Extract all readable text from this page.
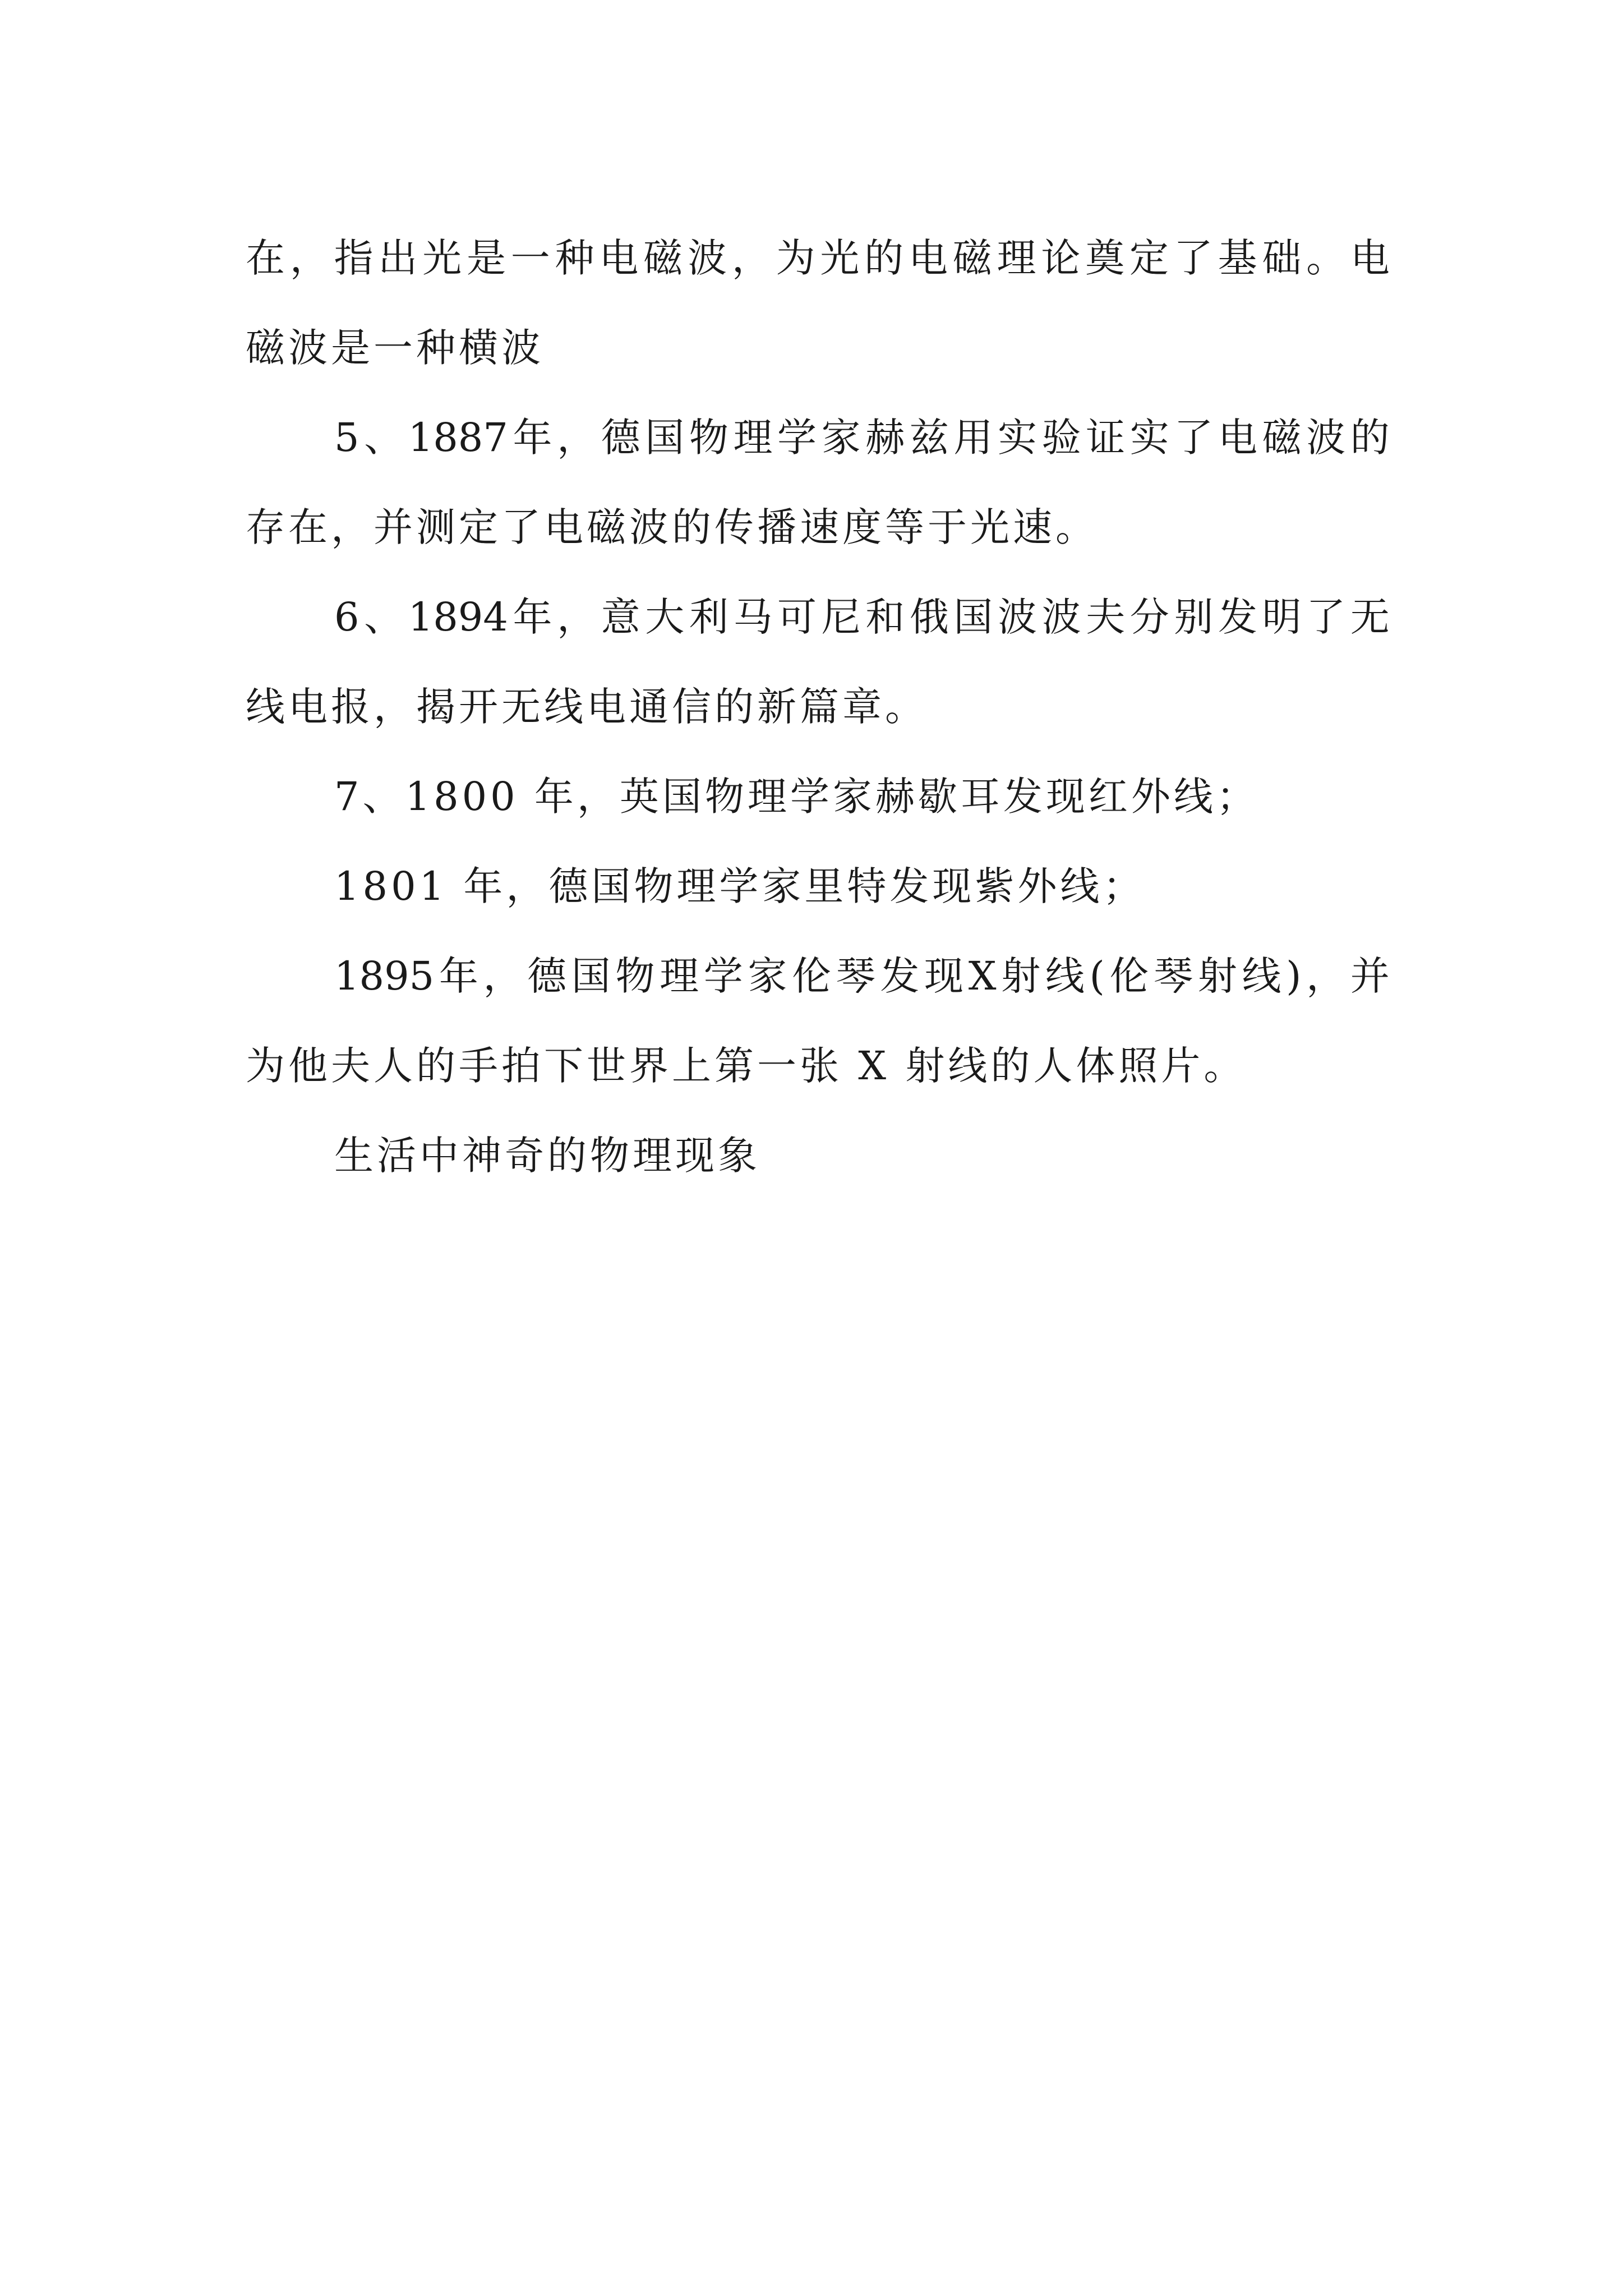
在 ， 指 出 光 是 一 种 电 磁 波 ， 为 光 的 电 磁 理 论 奠 定 了 基 础 。 电
磁波是一种横波
5 、 1887 年 ， 德 国 物 理 学 家 赫 兹 用 实 验 证 实 了 电 磁 波 的
存在，并测定了电磁波的传播速度等于光速。
6 、 1894 年 ， 意 大 利 马 可 尼 和 俄 国 波 波 夫 分 别 发 明 了 无
线电报，揭开无线电通信的新篇章。
7、1800 年，英国物理学家赫歇耳发现红外线；
1801 年，德国物理学家里特发现紫外线；
1895 年 ， 德 国 物 理 学 家 伦 琴 发 现 X 射 线 ( 伦 琴 射 线 ) ， 并
为他夫人的手拍下世界上第一张 X 射线的人体照片。
生活中神奇的物理现象
